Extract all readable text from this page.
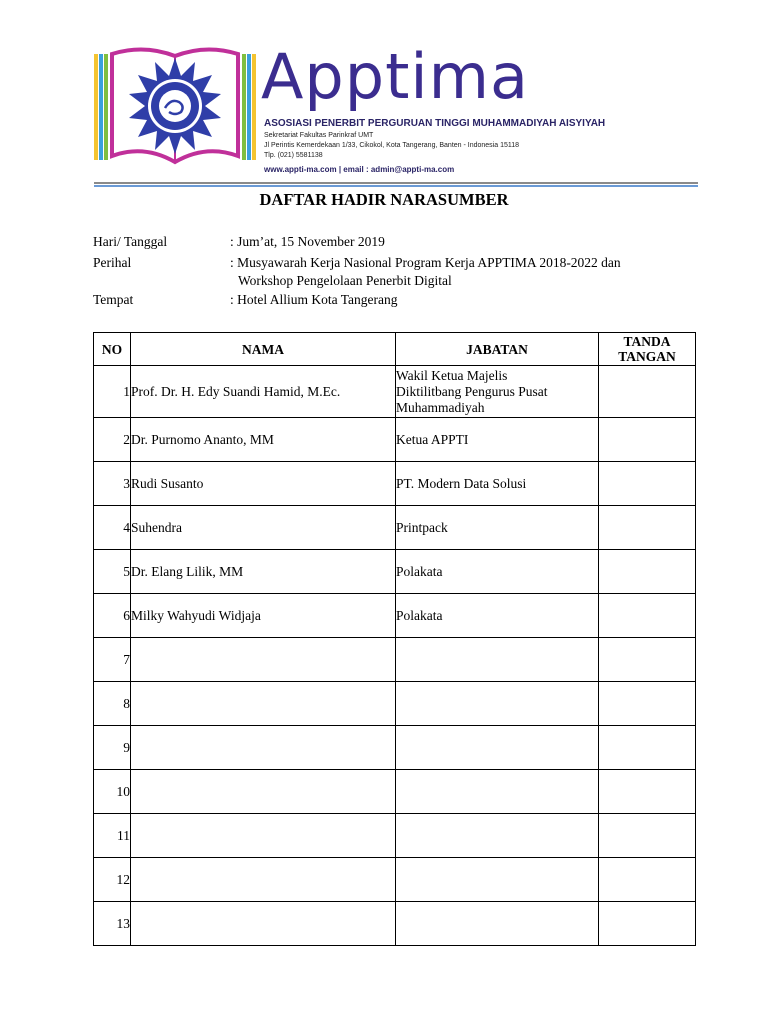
Apptima
ASOSIASI PENERBIT PERGURUAN TINGGI MUHAMMADIYAH AISYIYAH
Sekretariat Fakultas Parinkraf UMT
Jl Perintis Kemerdekaan 1/33, Cikokol, Kota Tangerang, Banten - Indonesia 15118
Tlp. (021) 5581138
www.appti-ma.com | email : admin@appti-ma.com
DAFTAR HADIR NARASUMBER
Hari/ Tanggal	: Jum’at, 15 November 2019
Perihal	: Musyawarah Kerja Nasional Program Kerja APPTIMA 2018-2022 dan
Workshop Pengelolaan Penerbit Digital
Tempat	: Hotel Allium Kota Tangerang
NO	NAMA	JABATAN	TANDA
TANGAN

1	Prof. Dr. H. Edy Suandi Hamid, M.Ec.	Wakil Ketua Majelis
Diktilitbang Pengurus Pusat
Muhammadiyah	

2	Dr. Purnomo Ananto, MM	Ketua APPTI	
3	Rudi Susanto	PT. Modern Data Solusi	
4	Suhendra	Printpack	
5	Dr. Elang Lilik, MM	Polakata	
6	Milky Wahyudi Widjaja	Polakata	
7			
8			
9			
10			
11			
12			
13			
